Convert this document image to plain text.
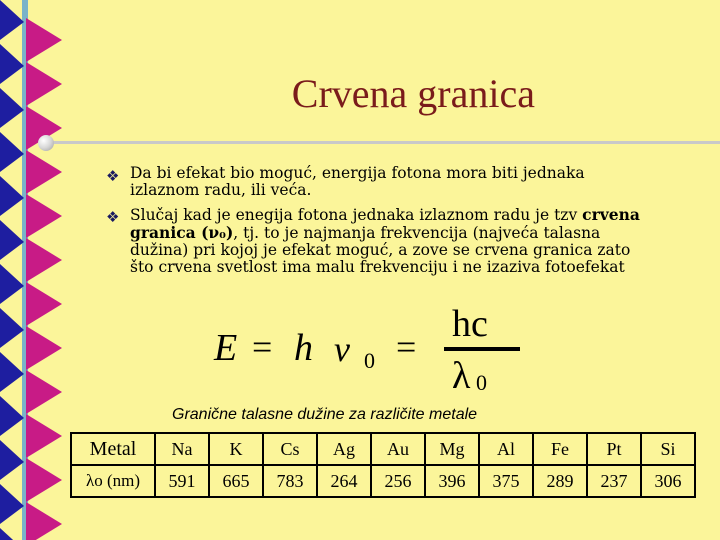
Crvena granica
❖ Da bi efekat bio moguć, energija fotona mora biti jednaka izlaznom radu, ili veća.
❖ Slučaj kad je enegija fotona jednaka izlaznom radu je tzv crvena granica (ν₀), tj. to je najmanja frekvencija (najveća talasna dužina) pri kojoj je efekat moguć, a zove se crvena granica zato što crvena svetlost ima malu frekvenciju i ne izaziva fotoefekat
E = h ν 0 =
hc
λ 0
Granične talasne dužine za različite metale
Metal	Na	K	Cs	Ag	Au	Mg	Al	Fe	Pt	Si
λo (nm)	591	665	783	264	256	396	375	289	237	306
